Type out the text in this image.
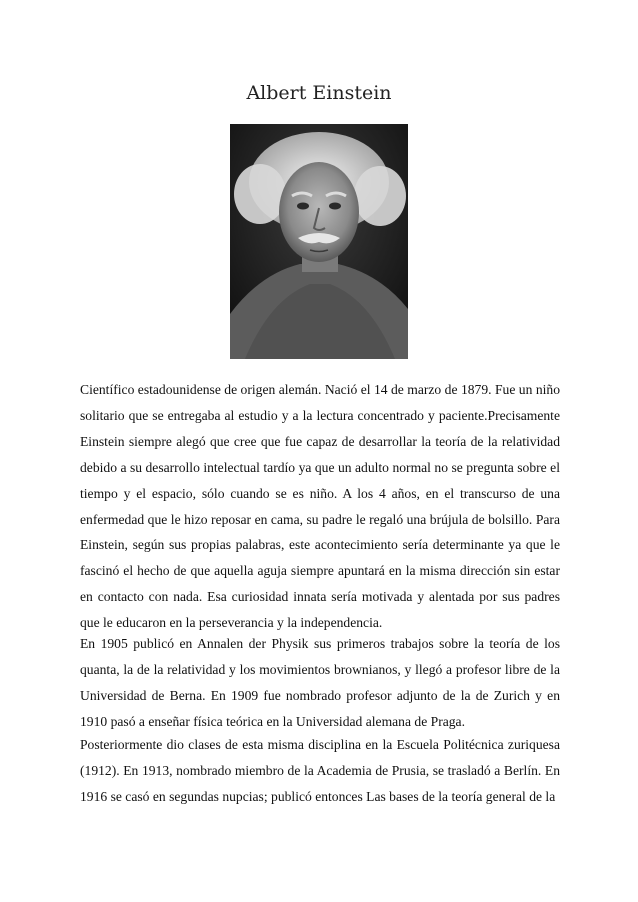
Albert Einstein

Científico estadounidense de origen alemán. Nació el 14 de marzo de 1879. Fue un niño solitario que se entregaba al estudio y a la lectura concentrado y paciente.Precisamente Einstein siempre alegó que cree que fue capaz de desarrollar la teoría de la relatividad debido a su desarrollo intelectual tardío ya que un adulto normal no se pregunta sobre el tiempo y el espacio, sólo cuando se es niño. A los 4 años, en el transcurso de una enfermedad que le hizo reposar en cama, su padre le regaló una brújula de bolsillo. Para Einstein, según sus propias palabras, este acontecimiento sería determinante ya que le fascinó el hecho de que aquella aguja siempre apuntará en la misma dirección sin estar en contacto con nada. Esa curiosidad innata sería motivada y alentada por sus padres que le educaron en la perseverancia y la independencia.

En 1905 publicó en Annalen der Physik sus primeros trabajos sobre la teoría de los quanta, la de la relatividad y los movimientos brownianos, y llegó a profesor libre de la Universidad de Berna. En 1909 fue nombrado profesor adjunto de la de Zurich y en 1910 pasó a enseñar física teórica en la Universidad alemana de Praga.

Posteriormente dio clases de esta misma disciplina en la Escuela Politécnica zuriquesa (1912). En 1913, nombrado miembro de la Academia de Prusia, se trasladó a Berlín. En 1916 se casó en segundas nupcias; publicó entonces Las bases de la teoría general de la
